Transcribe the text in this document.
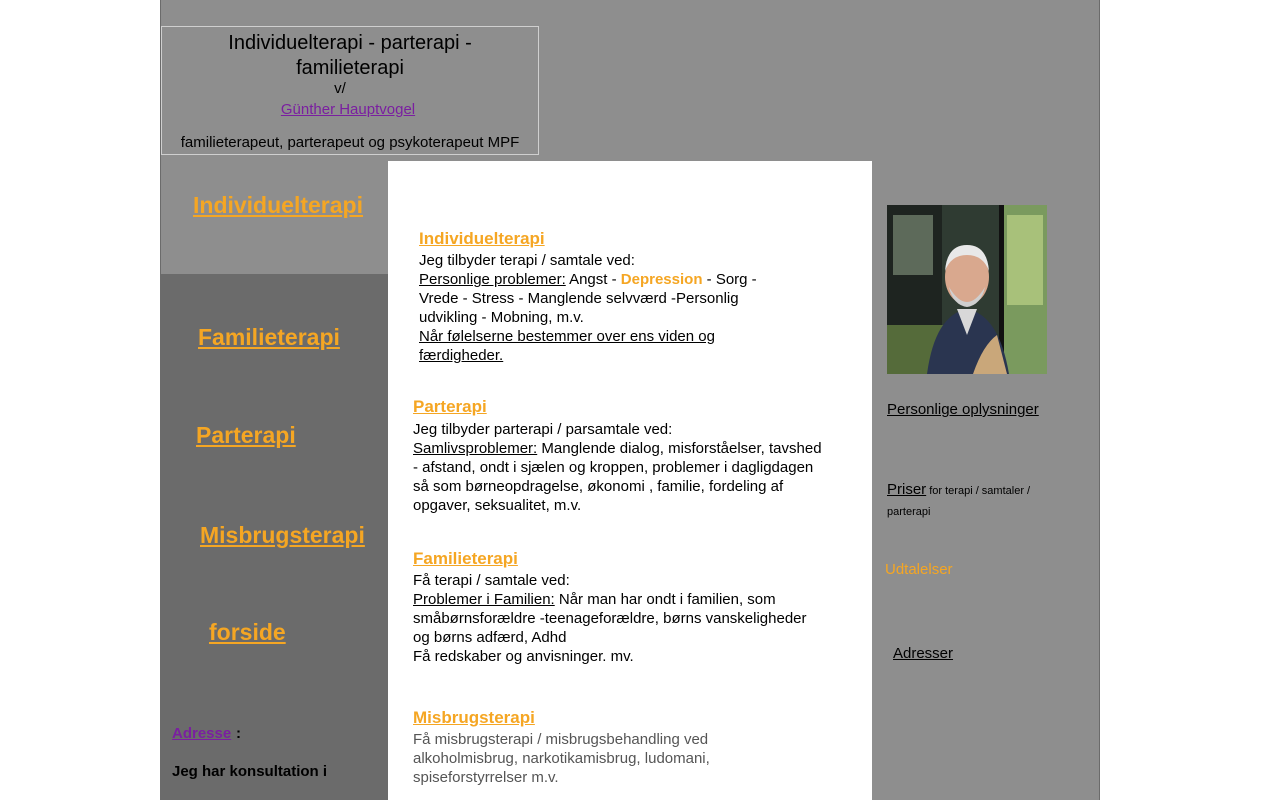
Individuelterapi - parterapi -
familieterapi
v/
Günther Hauptvogel
familieterapeut, parterapeut og psykoterapeut MPF
Individuelterapi
Familieterapi
Parterapi
Misbrugsterapi
forside
Adresse :
Jeg har konsultation i
Individuelterapi
Jeg tilbyder terapi / samtale ved:
Personlige problemer: Angst - Depression - Sorg - Vrede - Stress - Manglende selvværd -Personlig udvikling - Mobning, m.v.
Når følelserne bestemmer over ens viden og færdigheder.
Parterapi
Jeg tilbyder parterapi / parsamtale ved:
Samlivsproblemer: Manglende dialog, misforståelser, tavshed - afstand, ondt i sjælen og kroppen, problemer i dagligdagen så som børneopdragelse, økonomi , familie, fordeling af opgaver, seksualitet, m.v.
Familieterapi
Få terapi / samtale ved:
Problemer i Familien: Når man har ondt i familien, som småbørnsforældre -teenageforældre, børns vanskeligheder og børns adfærd, Adhd
Få redskaber og anvisninger. mv.
Misbrugsterapi
Få misbrugsterapi / misbrugsbehandling ved alkoholmisbrug, narkotikamisbrug, ludomani, spiseforstyrrelser m.v.
Personlige oplysninger
Priser for terapi / samtaler / parterapi
Udtalelser
Adresser
